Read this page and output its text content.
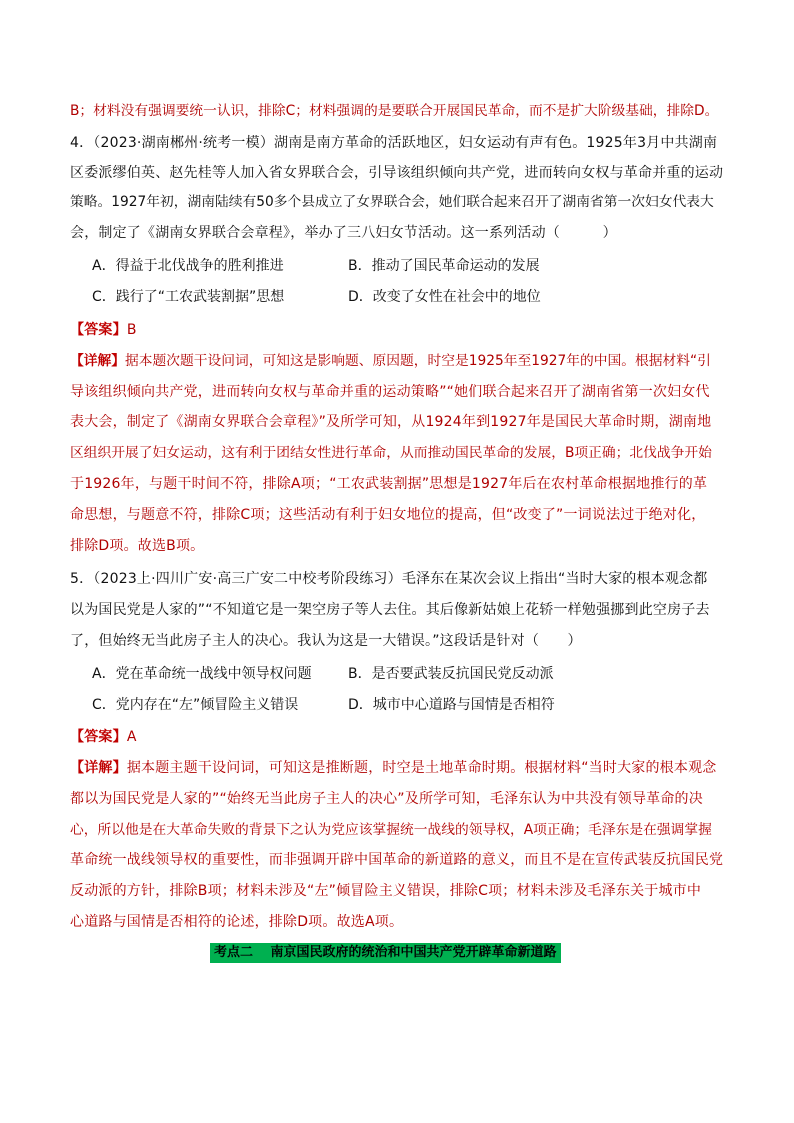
B；材料没有强调要统一认识，排除C；材料强调的是要联合开展国民革命，而不是扩大阶级基础，排除D。
4．（2023·湖南郴州·统考一模）湖南是南方革命的活跃地区，妇女运动有声有色。1925年3月中共湖南
区委派缪伯英、赵先桂等人加入省女界联合会，引导该组织倾向共产党，进而转向女权与革命并重的运动
策略。1927年初，湖南陆续有50多个县成立了女界联合会，她们联合起来召开了湖南省第一次妇女代表大
会，制定了《湖南女界联合会章程》，举办了三八妇女节活动。这一系列活动（　　　）
A．得益于北伐战争的胜利推进	B．推动了国民革命运动的发展
C．践行了“工农武装割据”思想	D．改变了女性在社会中的地位
【答案】B
【详解】据本题次题干设问词，可知这是影响题、原因题，时空是1925年至1927年的中国。根据材料“引
导该组织倾向共产党，进而转向女权与革命并重的运动策略”“她们联合起来召开了湖南省第一次妇女代
表大会，制定了《湖南女界联合会章程》”及所学可知，从1924年到1927年是国民大革命时期，湖南地
区组织开展了妇女运动，这有利于团结女性进行革命，从而推动国民革命的发展，B项正确；北伐战争开始
于1926年，与题干时间不符，排除A项；“工农武装割据”思想是1927年后在农村革命根据地推行的革
命思想，与题意不符，排除C项；这些活动有利于妇女地位的提高，但“改变了”一词说法过于绝对化，
排除D项。故选B项。
5．（2023上·四川广安·高三广安二中校考阶段练习）毛泽东在某次会议上指出“当时大家的根本观念都
以为国民党是人家的”“不知道它是一架空房子等人去住。其后像新姑娘上花轿一样勉强挪到此空房子去
了，但始终无当此房子主人的决心。我认为这是一大错误。”这段话是针对（　　）
A．党在革命统一战线中领导权问题	B．是否要武装反抗国民党反动派
C．党内存在“左”倾冒险主义错误	D．城市中心道路与国情是否相符
【答案】A
【详解】据本题主题干设问词，可知这是推断题，时空是土地革命时期。根据材料“当时大家的根本观念
都以为国民党是人家的”“始终无当此房子主人的决心”及所学可知，毛泽东认为中共没有领导革命的决
心，所以他是在大革命失败的背景下之认为党应该掌握统一战线的领导权，A项正确；毛泽东是在强调掌握
革命统一战线领导权的重要性，而非强调开辟中国革命的新道路的意义，而且不是在宣传武装反抗国民党
反动派的方针，排除B项；材料未涉及“左”倾冒险主义错误，排除C项；材料未涉及毛泽东关于城市中
心道路与国情是否相符的论述，排除D项。故选A项。
考点二　 南京国民政府的统治和中国共产党开辟革命新道路
